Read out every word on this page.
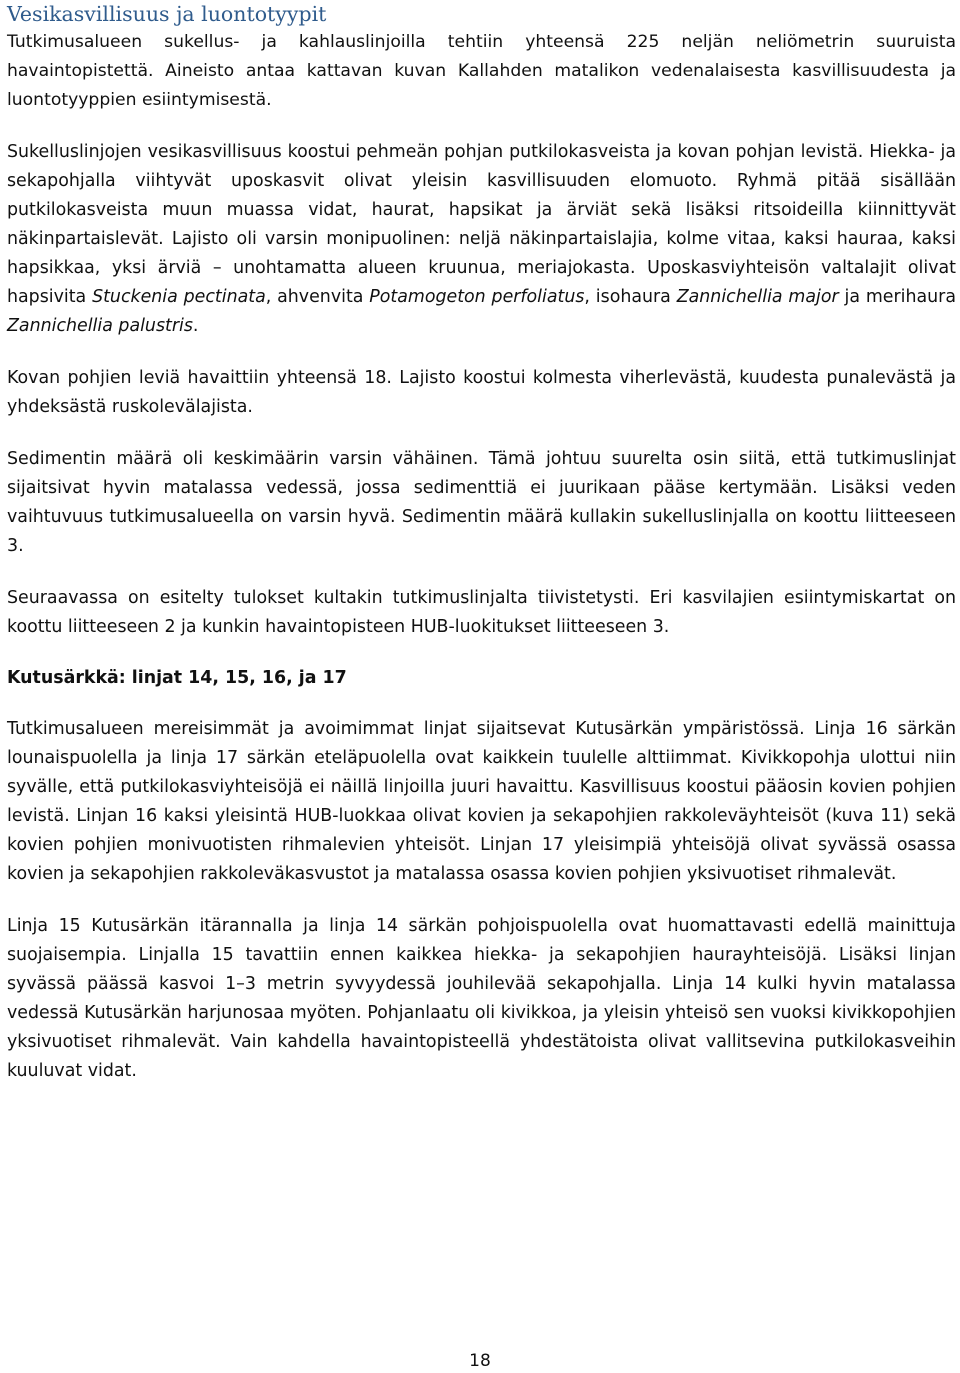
Vesikasvillisuus ja luontotyypit

Tutkimusalueen sukellus- ja kahlauslinjoilla tehtiin yhteensä 225 neljän neliömetrin suuruista havaintopistettä. Aineisto antaa kattavan kuvan Kallahden matalikon vedenalaisesta kasvillisuudesta ja luontotyyppien esiintymisestä.

Sukelluslinjojen vesikasvillisuus koostui pehmeän pohjan putkilokasveista ja kovan pohjan levistä. Hiekka- ja sekapohjalla viihtyvät uposkasvit olivat yleisin kasvillisuuden elomuoto. Ryhmä pitää sisällään putkilokasveista muun muassa vidat, haurat, hapsikat ja ärviät sekä lisäksi ritsoideilla kiinnittyvät näkinpartaislevät. Lajisto oli varsin monipuolinen: neljä näkinpartaislajia, kolme vitaa, kaksi hauraa, kaksi hapsikkaa, yksi ärviä – unohtamatta alueen kruunua, meriajokasta. Uposkasviyhteisön valtalajit olivat hapsivita Stuckenia pectinata, ahvenvita Potamogeton perfoliatus, isohaura Zannichellia major ja merihaura Zannichellia palustris.

Kovan pohjien leviä havaittiin yhteensä 18. Lajisto koostui kolmesta viherlevästä, kuudesta punalevästä ja yhdeksästä ruskolevälajista.

Sedimentin määrä oli keskimäärin varsin vähäinen. Tämä johtuu suurelta osin siitä, että tutkimuslinjat sijaitsivat hyvin matalassa vedessä, jossa sedimenttiä ei juurikaan pääse kertymään. Lisäksi veden vaihtuvuus tutkimusalueella on varsin hyvä. Sedimentin määrä kullakin sukelluslinjalla on koottu liitteeseen 3.

Seuraavassa on esitelty tulokset kultakin tutkimuslinjalta tiivistetysti. Eri kasvilajien esiintymiskartat on koottu liitteeseen 2 ja kunkin havaintopisteen HUB-luokitukset liitteeseen 3.

Kutusärkkä: linjat 14, 15, 16, ja 17

Tutkimusalueen mereisimmät ja avoimimmat linjat sijaitsevat Kutusärkän ympäristössä. Linja 16 särkän lounaispuolella ja linja 17 särkän eteläpuolella ovat kaikkein tuulelle alttiimmat. Kivikkopohja ulottui niin syvälle, että putkilokasviyhteisöjä ei näillä linjoilla juuri havaittu. Kasvillisuus koostui pääosin kovien pohjien levistä. Linjan 16 kaksi yleisintä HUB-luokkaa olivat kovien ja sekapohjien rakkoleväyhteisöt (kuva 11) sekä kovien pohjien monivuotisten rihmalevien yhteisöt. Linjan 17 yleisimpiä yhteisöjä olivat syvässä osassa kovien ja sekapohjien rakkoleväkasvustot ja matalassa osassa kovien pohjien yksivuotiset rihmalevät.

Linja 15 Kutusärkän itärannalla ja linja 14 särkän pohjoispuolella ovat huomattavasti edellä mainittuja suojaisempia. Linjalla 15 tavattiin ennen kaikkea hiekka- ja sekapohjien haurayhteisöjä. Lisäksi linjan syvässä päässä kasvoi 1–3 metrin syvyydessä jouhilevää sekapohjalla. Linja 14 kulki hyvin matalassa vedessä Kutusärkän harjunosaa myöten. Pohjanlaatu oli kivikkoa, ja yleisin yhteisö sen vuoksi kivikkopohjien yksivuotiset rihmalevät. Vain kahdella havaintopisteellä yhdestätoista olivat vallitsevina putkilokasveihin kuuluvat vidat.

18
